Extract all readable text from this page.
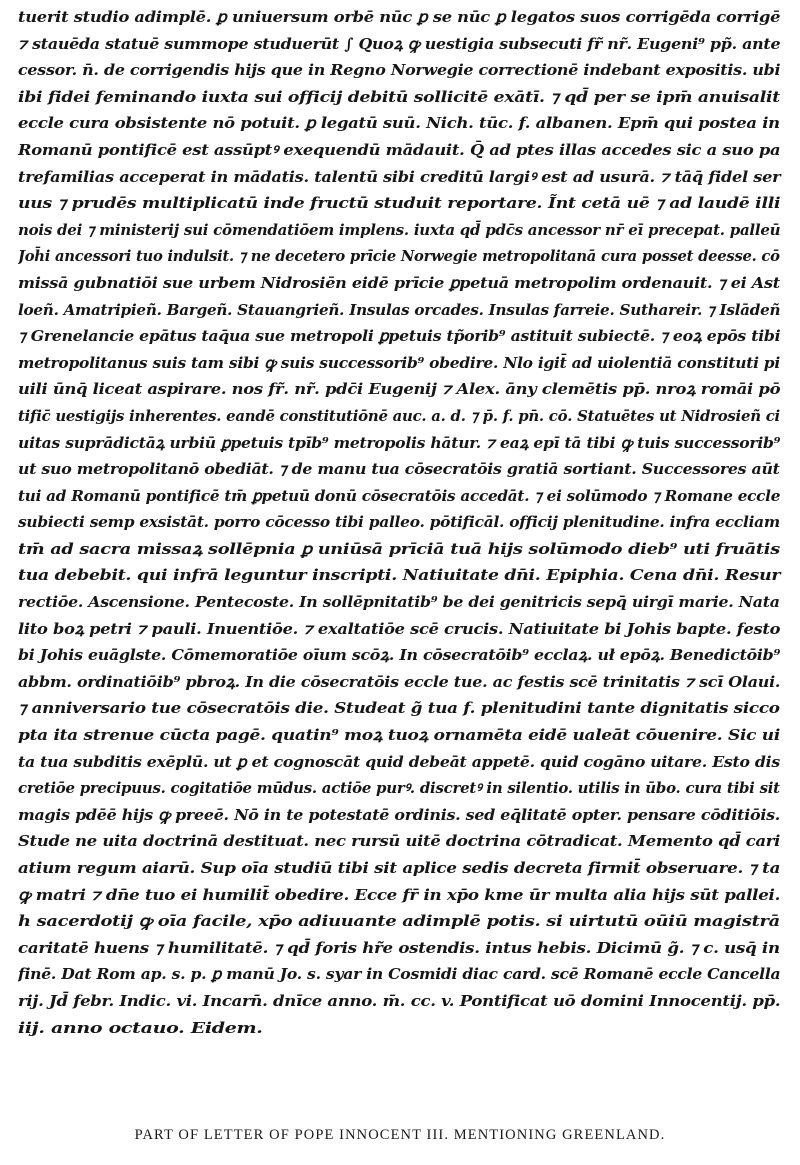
tuerit studio adimplē. ꝑ uniuersum orbē nūc ꝑ se nūc ꝑ legatos suos corrigēda corrigē
⁊ stauēda statuē summope studuerūt ∫ Quoꝝ ꝙ uestigia subsecuti fr̃ nr̃. Eugeni⁹ pp̃. ante
cessor. n̄. de corrigendis hijs que in Regno Norwegie correctionē indebant expositis. ubi
ibi fidei feminando iuxta sui officij debitū sollicitē exātī. ⁊ qd̄ per se ipm̄ anuisalit
eccle cura obsistente nō potuit. ꝑ legatū suū. Nich. tūc. f. albanen. Epm̄ qui postea in
Romanū pontificē est assūptꝰ exequendū mādauit. Q̄ ad ptes illas accedes sic a suo pa
trefamilias acceperat in mādatis. talentū sibi creditū largiꝰ est ad usurā. ⁊ tāq̄ fidel ser
uus ⁊ prudēs multiplicatū inde fructū studuit reportare. Ĩnt cetā uē ⁊ ad laudē illi
nois dei ⁊ ministerij sui cōmendatiōem implens. iuxta qd̄ pdc̄s ancessor nr̄ eī precepat. palleū
Joh̄i ancessori tuo indulsit. ⁊ ne decetero prīcie Norwegie metropolitanā cura posset deesse. cō
missā gubnatiōi sue urbem Nidrosiēn eidē prīcie ꝑpetuā metropolim ordenauit. ⁊ ei Ast
loeñ. Amatripieñ. Bargeñ. Stauangrieñ. Insulas orcades. Insulas farreie. Suthareir. ⁊ Islādeñ
⁊ Grenelancie epātus taq̄ua sue metropoli ꝑpetuis tp̃orib⁹ astituit subiectē. ⁊ eoꝝ epōs tibi
metropolitanus suis tam sibi ꝙ suis successorib⁹ obedire. Nlo igit̄ ad uiolentiā constituti pi
uili ūnq̄ liceat aspirare. nos fr̃. nr̃. pdc̄i Eugenij ⁊ Alex. āny clemētis pp̄. nroꝝ romāi pō
tific̄ uestigijs inherentes. eandē constitutiōnē auc. a. d. ⁊ p̄. f. pn̄. cō. Statuētes ut Nidrosieñ ci
uitas suprādictāꝝ urbiū ꝑpetuis tpīb⁹ metropolis hātur. ⁊ eaꝝ epī tā tibi ꝙ tuis successorib⁹
ut suo metropolitanō obediāt. ⁊ de manu tua cōsecratōis gratiā sortiant. Successores aūt
tui ad Romanū pontificē tm̄ ꝑpetuū donū cōsecratōis accedāt. ⁊ ei solūmodo ⁊ Romane eccle
subiecti semp exsistāt. porro cōcesso tibi palleo. pōtificāl. officij plenitudine. infra eccliam
tm̄ ad sacra missaꝝ sollēpnia ꝑ uniūsā prīciā tuā hijs solūmodo dieb⁹ uti fruātis
tua debebit. qui infrā leguntur inscripti. Natiuitate dn̄i. Epiphia. Cena dn̄i. Resur
rectiōe. Ascensione. Pentecoste. In sollēpnitatib⁹ be dei genitricis sepq̄ uirgī marie. Nata
lito boꝝ petri ⁊ pauli. Inuentiōe. ⁊ exaltatiōe scē crucis. Natiuitate bi Johis bapte. festo
bi Johis euāglste. Cōmemoratiōe oīum scōꝝ. In cōsecratōib⁹ ecclaꝝ. uł epōꝝ. Benedictōib⁹
abbm. ordinatiōib⁹ pbroꝝ. In die cōsecratōis eccle tue. ac festis scē trinitatis ⁊ scī Olaui.
⁊ anniversario tue cōsecratōis die. Studeat g̃ tua f. plenitudini tante dignitatis sicco
pta ita strenue cūcta pagē. quatin⁹ moꝝ tuoꝝ ornamēta eidē ualeāt cōuenire. Sic ui
ta tua subditis exēplū. ut ꝑ et cognoscāt quid debeāt appetē. quid cogāno uitare. Esto dis
cretiōe precipuus. cogitatiōe mūdus. actiōe purꝰ. discretꝰ in silentio. utilis in ūbo. cura tibi sit
magis pdēē hijs ꝙ preeē. Nō in te potestatē ordinis. sed eq̄litatē opter. pensare cōditiōis.
Stude ne uita doctrinā destituat. nec rursū uitē doctrina cōtradicat. Memento qd̄ cari
atium regum aiarū. Sup oīa studiū tibi sit aplice sedis decreta firmit̄ obseruare. ⁊ ta
ꝙ matri ⁊ dn̄e tuo ei humilit̄ obedire. Ecce fr̄ in xp̄o kme ūr multa alia hijs sūt pallei.
h sacerdotij ꝙ oīa facile, xp̄o adiuuante adimplē potis. si uirtutū oūiū magistrā
caritatē huens ⁊ humilitatē. ⁊ qd̄ foris hr̃e ostendis. intus hebis. Dicimū g̃. ⁊ c. usq̄ in
finē. Dat Rom ap. s. p. ꝑ manū Jo. s. syar in Cosmidi diac card. scē Romanē eccle Cancella
rij. Jd̄ febr. Indic. vi. Incarn̄. dnīce anno. m̄. cc. v. Pontificat uō domini Innocentij. pp̄.
iij. anno octauo. Eidem.
PART OF LETTER OF POPE INNOCENT III. MENTIONING GREENLAND.
